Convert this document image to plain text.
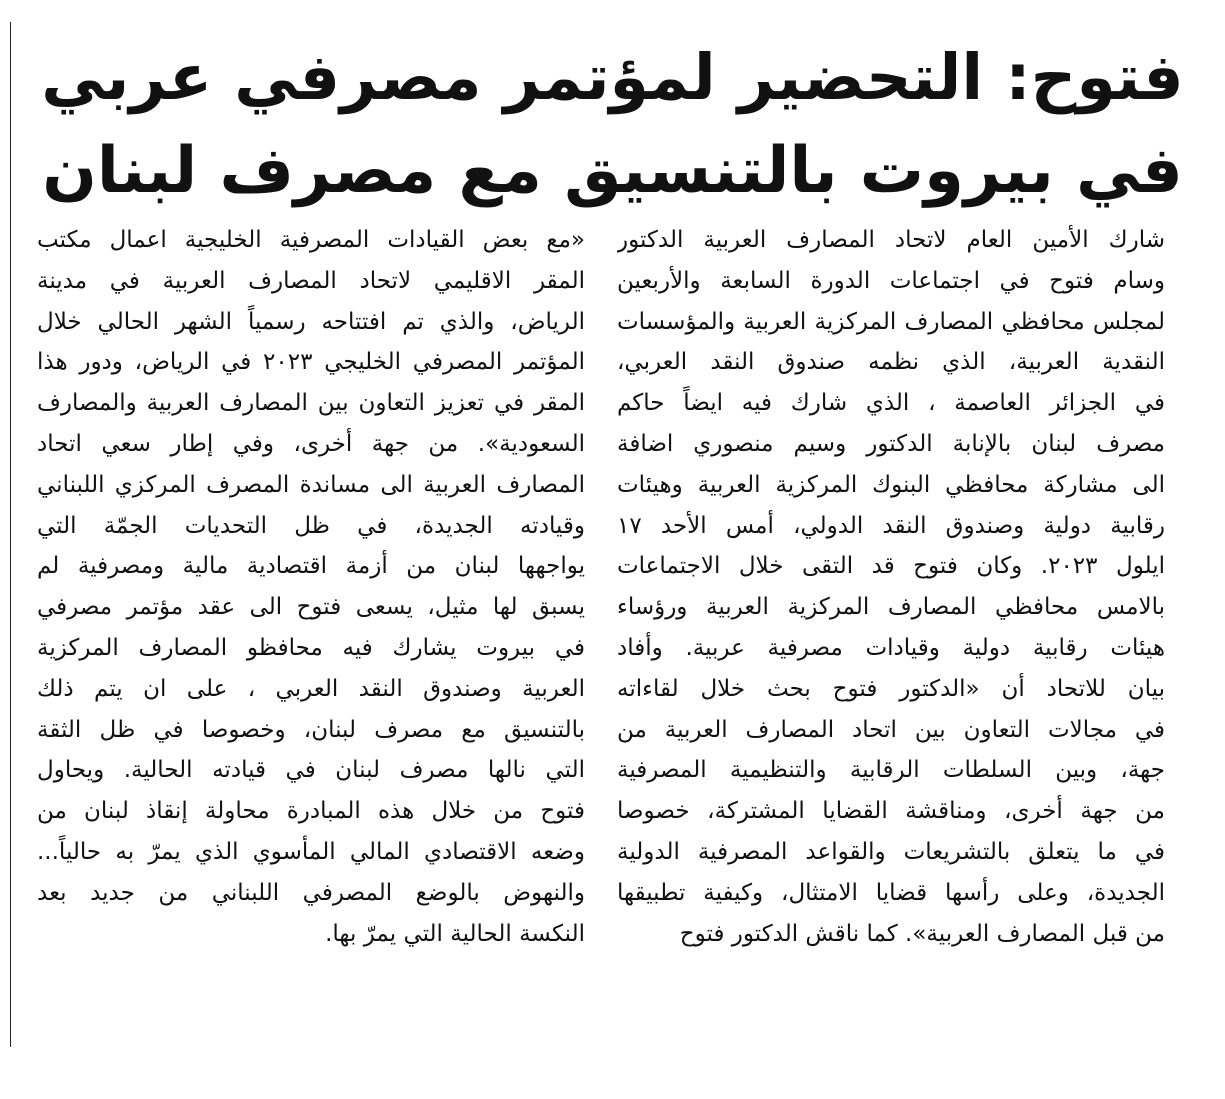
فتوح: التحضير لمؤتمر مصرفي عربي
في بيروت بالتنسيق مع مصرف لبنان
شارك الأمين العام لاتحاد المصارف العربية الدكتور
وسام فتوح في اجتماعات الدورة السابعة والأربعين
لمجلس محافظي المصارف المركزية العربية والمؤسسات
النقدية العربية، الذي نظمه صندوق النقد العربي،
في الجزائر العاصمة ، الذي شارك فيه ايضاً حاكم
مصرف لبنان بالإنابة الدكتور وسيم منصوري اضافة
الى مشاركة محافظي البنوك المركزية العربية وهيئات
رقابية دولية وصندوق النقد الدولي، أمس الأحد ١٧
ايلول ٢٠٢٣. وكان فتوح قد التقى خلال الاجتماعات
بالامس محافظي المصارف المركزية العربية ورؤساء
هيئات رقابية دولية وقيادات مصرفية عربية. وأفاد
بيان للاتحاد أن «الدكتور فتوح بحث خلال لقاءاته
في مجالات التعاون بين اتحاد المصارف العربية من
جهة، وبين السلطات الرقابية والتنظيمية المصرفية
من جهة أخرى، ومناقشة القضايا المشتركة، خصوصا
في ما يتعلق بالتشريعات والقواعد المصرفية الدولية
الجديدة، وعلى رأسها قضايا الامتثال، وكيفية تطبيقها
من قبل المصارف العربية». كما ناقش الدكتور فتوح
«مع بعض القيادات المصرفية الخليجية اعمال مكتب
المقر الاقليمي لاتحاد المصارف العربية في مدينة
الرياض، والذي تم افتتاحه رسمياً الشهر الحالي خلال
المؤتمر المصرفي الخليجي ٢٠٢٣ في الرياض، ودور هذا
المقر في تعزيز التعاون بين المصارف العربية والمصارف
السعودية». من جهة أخرى، وفي إطار سعي اتحاد
المصارف العربية الى مساندة المصرف المركزي اللبناني
وقيادته الجديدة، في ظل التحديات الجمّة التي
يواجهها لبنان من أزمة اقتصادية مالية ومصرفية لم
يسبق لها مثيل، يسعى فتوح الى عقد مؤتمر مصرفي
في بيروت يشارك فيه محافظو المصارف المركزية
العربية وصندوق النقد العربي ، على ان يتم ذلك
بالتنسيق مع مصرف لبنان، وخصوصا في ظل الثقة
التي نالها مصرف لبنان في قيادته الحالية. ويحاول
فتوح من خلال هذه المبادرة محاولة إنقاذ لبنان من
وضعه الاقتصادي المالي المأسوي الذي يمرّ به حالياً...
والنهوض بالوضع المصرفي اللبناني من جديد بعد
النكسة الحالية التي يمرّ بها.
